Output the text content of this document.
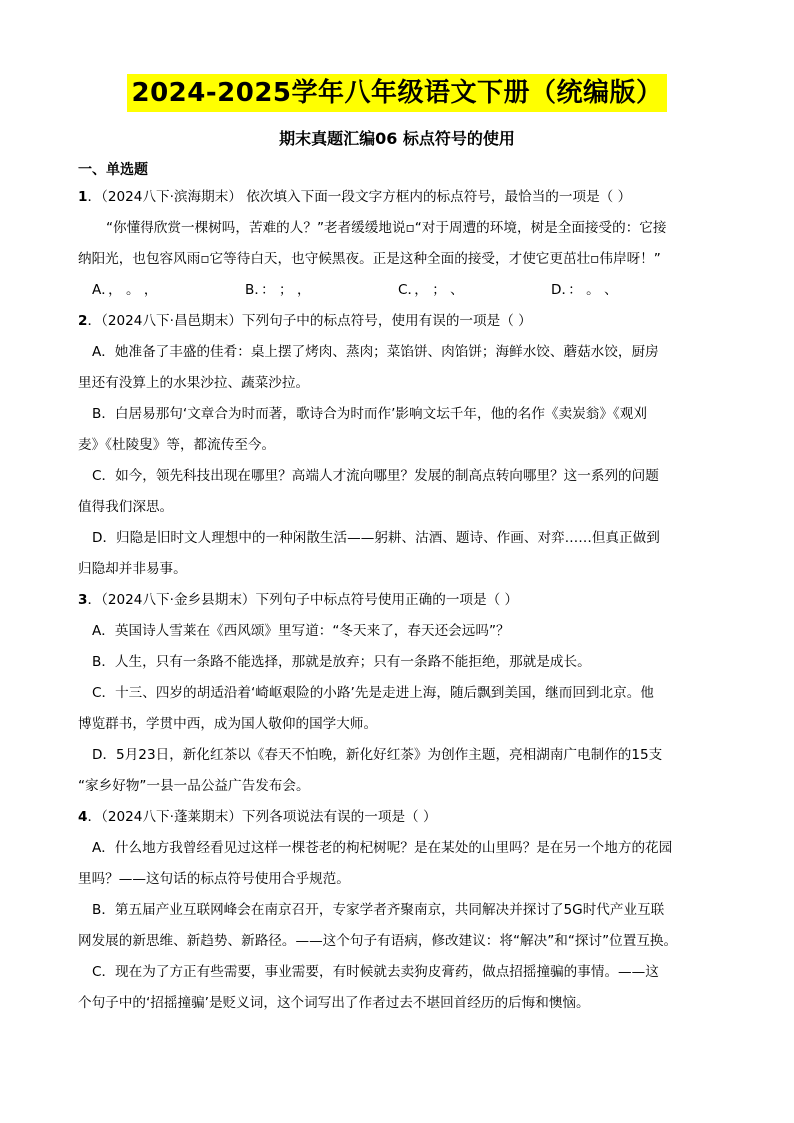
2024-2025学年八年级语文下册（统编版）
期末真题汇编06 标点符号的使用
一、单选题

1．（2024八下·滨海期末） 依次填入下面一段文字方框内的标点符号，最恰当的一项是（ ）

“你懂得欣赏一棵树吗，苦难的人？”老者缓缓地说▫“对于周遭的环境，树是全面接受的：它接

纳阳光，也包容风雨▫它等待白天，也守候黑夜。正是这种全面的接受，才使它更茁壮▫伟岸呀！”

A．， 。 ，	B．： ； ，	C．， ； 、	D．： 。 、

2．（2024八下·昌邑期末）下列句子中的标点符号，使用有误的一项是（ ）

A．她准备了丰盛的佳肴：桌上摆了烤肉、蒸肉；菜馅饼、肉馅饼；海鲜水饺、蘑菇水饺，厨房

里还有没算上的水果沙拉、蔬菜沙拉。

B．白居易那句‘文章合为时而著，歌诗合为时而作’影响文坛千年，他的名作《卖炭翁》《观刈

麦》《杜陵叟》等，都流传至今。

C．如今，领先科技出现在哪里？高端人才流向哪里？发展的制高点转向哪里？这一系列的问题

值得我们深思。

D．归隐是旧时文人理想中的一种闲散生活——躬耕、沽酒、题诗、作画、对弈……但真正做到

归隐却并非易事。

3．（2024八下·金乡县期末）下列句子中标点符号使用正确的一项是（ ）

A．英国诗人雪莱在《西风颂》里写道：“冬天来了，春天还会远吗”？

B．人生，只有一条路不能选择，那就是放弃；只有一条路不能拒绝，那就是成长。

C．十三、四岁的胡适沿着‘崎岖艰险的小路’先是走进上海，随后飘到美国，继而回到北京。他

博览群书，学贯中西，成为国人敬仰的国学大师。

D．5月23日，新化红茶以《春天不怕晚，新化好红茶》为创作主题，亮相湖南广电制作的15支

“家乡好物”一县一品公益广告发布会。

4．（2024八下·蓬莱期末）下列各项说法有误的一项是（ ）

A．什么地方我曾经看见过这样一棵苍老的枸杞树呢？是在某处的山里吗？是在另一个地方的花园

里吗？——这句话的标点符号使用合乎规范。

B．第五届产业互联网峰会在南京召开，专家学者齐聚南京，共同解决并探讨了5G时代产业互联

网发展的新思维、新趋势、新路径。——这个句子有语病，修改建议：将“解决”和“探讨”位置互换。

C．现在为了方正有些需要，事业需要，有时候就去卖狗皮膏药，做点招摇撞骗的事情。——这

个句子中的‘招摇撞骗’是贬义词，这个词写出了作者过去不堪回首经历的后悔和懊恼。
